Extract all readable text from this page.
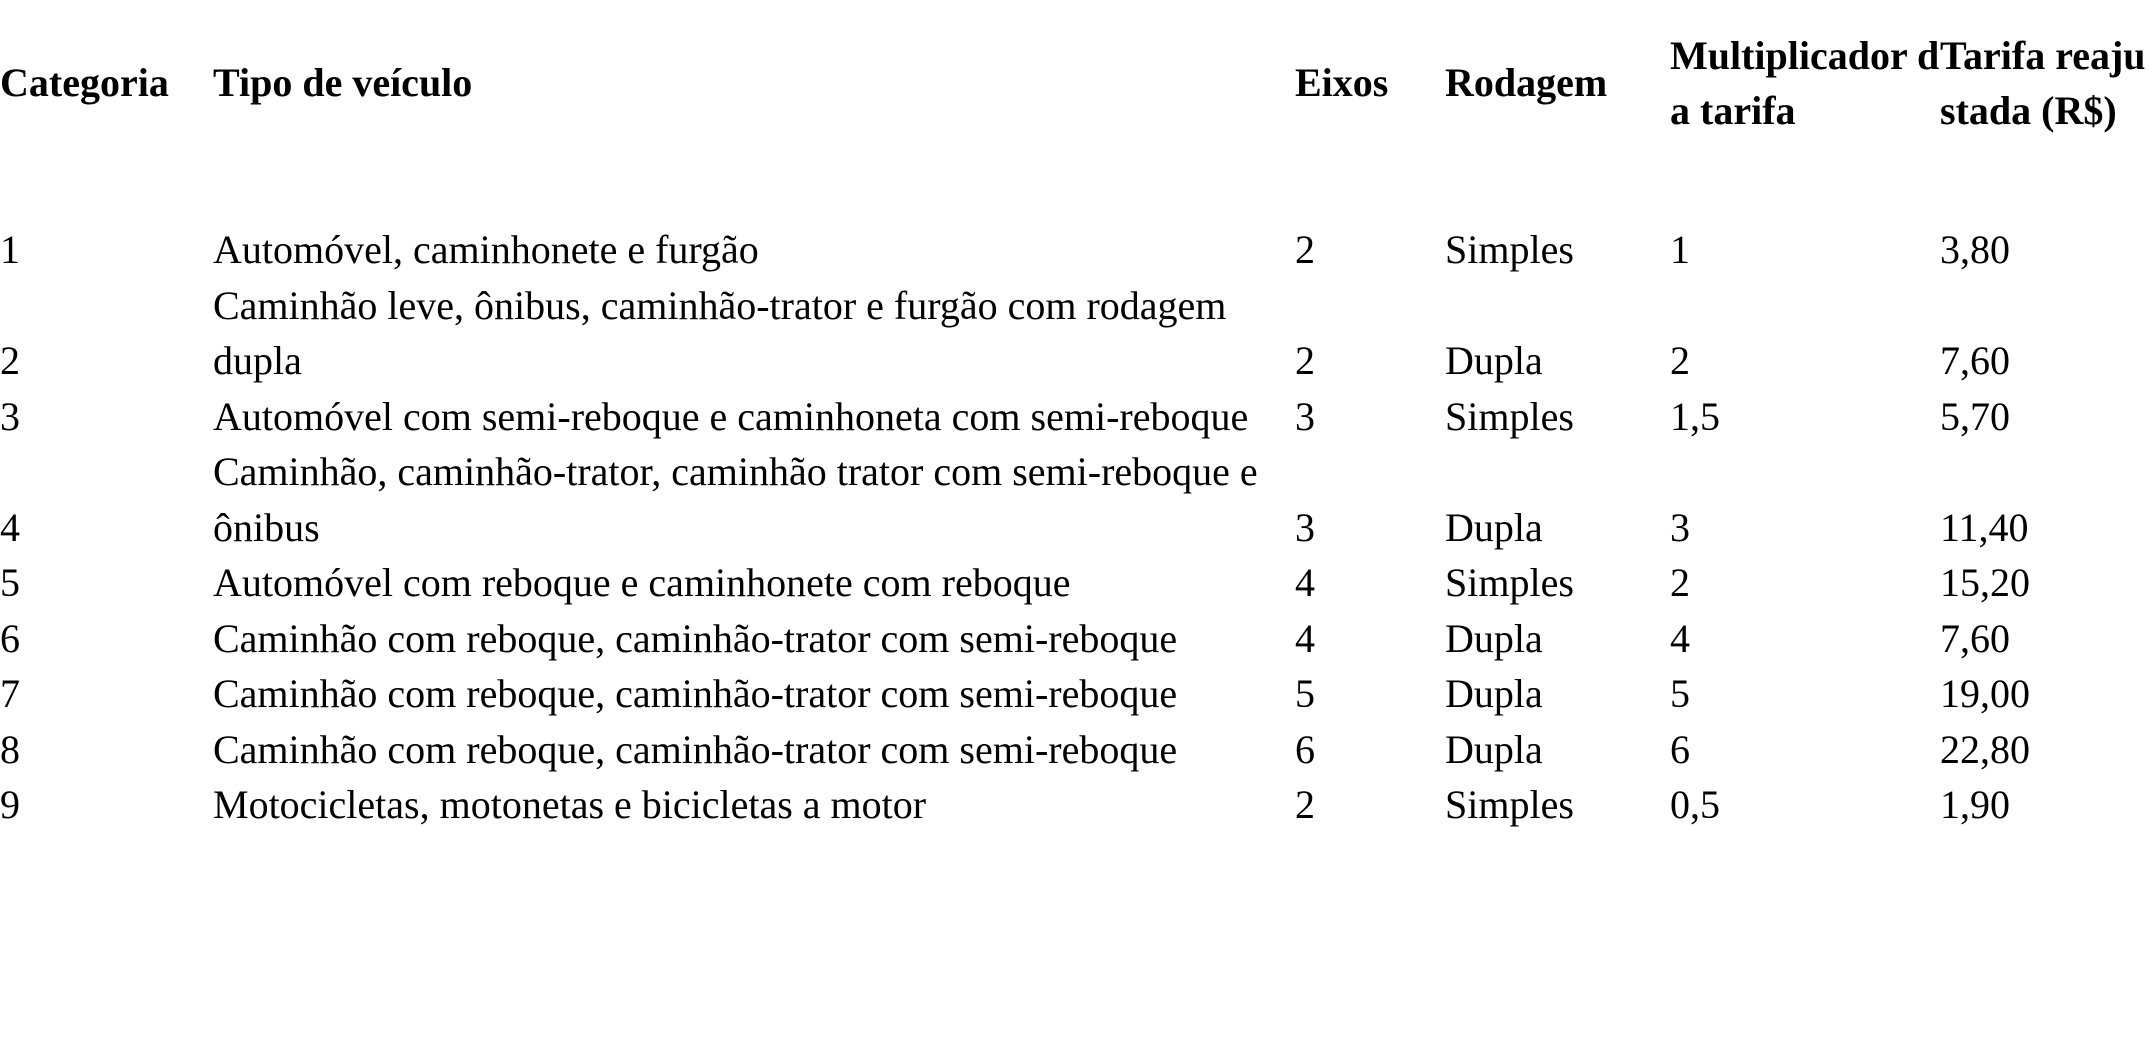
Categoria	Tipo de veículo	Eixos	Rodagem	Multiplicador da tarifa	Tarifa reajustada (R$)

1	Automóvel, caminhonete e furgão	2	Simples	1	3,80
2	Caminhão leve, ônibus, caminhão-trator e furgão com rodagem dupla	2	Dupla	2	7,60
3	Automóvel com semi-reboque e caminhoneta com semi-reboque	3	Simples	1,5	5,70
4	Caminhão, caminhão-trator, caminhão trator com semi-reboque e ônibus	3	Dupla	3	11,40
5	Automóvel com reboque e caminhonete com reboque	4	Simples	2	15,20
6	Caminhão com reboque, caminhão-trator com semi-reboque	4	Dupla	4	7,60
7	Caminhão com reboque, caminhão-trator com semi-reboque	5	Dupla	5	19,00
8	Caminhão com reboque, caminhão-trator com semi-reboque	6	Dupla	6	22,80
9	Motocicletas, motonetas e bicicletas a motor	2	Simples	0,5	1,90
